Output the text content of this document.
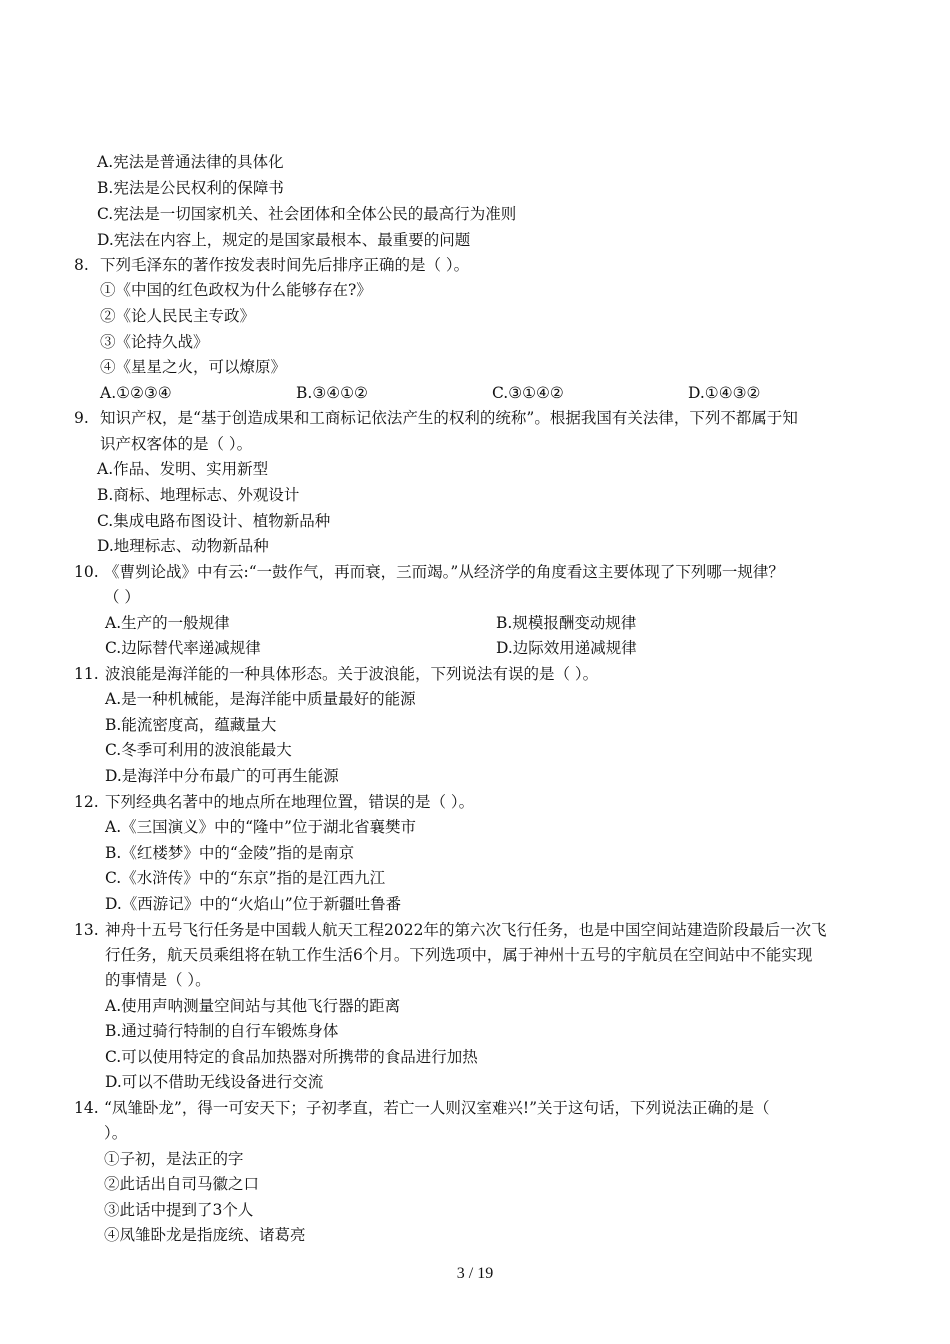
A.宪法是普通法律的具体化
B.宪法是公民权利的保障书
C.宪法是一切国家机关、社会团体和全体公民的最高行为准则
D.宪法在内容上，规定的是国家最根本、最重要的问题
8. 下列毛泽东的著作按发表时间先后排序正确的是（ ）。
①《中国的红色政权为什么能够存在?》
②《论人民民主专政》
③《论持久战》
④《星星之火，可以燎原》
A.①②③④	B.③④①②	C.③①④②	D.①④③②
9. 知识产权，是“基于创造成果和工商标记依法产生的权利的统称”。根据我国有关法律，下列不都属于知
识产权客体的是（ ）。
A.作品、发明、实用新型
B.商标、地理标志、外观设计
C.集成电路布图设计、植物新品种
D.地理标志、动物新品种
10. 《曹刿论战》中有云:“一鼓作气，再而衰，三而竭。”从经济学的角度看这主要体现了下列哪一规律？
（ ）
A.生产的一般规律	B.规模报酬变动规律
C.边际替代率递减规律	D.边际效用递减规律
11. 波浪能是海洋能的一种具体形态。关于波浪能，下列说法有误的是（ ）。
A.是一种机械能，是海洋能中质量最好的能源
B.能流密度高，蕴藏量大
C.冬季可利用的波浪能最大
D.是海洋中分布最广的可再生能源
12. 下列经典名著中的地点所在地理位置，错误的是（ ）。
A.《三国演义》中的“隆中”位于湖北省襄樊市
B.《红楼梦》中的“金陵”指的是南京
C.《水浒传》中的“东京”指的是江西九江
D.《西游记》中的“火焰山”位于新疆吐鲁番
13. 神舟十五号飞行任务是中国载人航天工程2022年的第六次飞行任务，也是中国空间站建造阶段最后一次飞
行任务，航天员乘组将在轨工作生活6个月。下列选项中，属于神州十五号的宇航员在空间站中不能实现
的事情是（ ）。
A.使用声呐测量空间站与其他飞行器的距离
B.通过骑行特制的自行车锻炼身体
C.可以使用特定的食品加热器对所携带的食品进行加热
D.可以不借助无线设备进行交流
14. “凤雏卧龙”，得一可安天下；子初孝直，若亡一人则汉室难兴!”关于这句话，下列说法正确的是（
）。
①子初，是法正的字
②此话出自司马徽之口
③此话中提到了3个人
④凤雏卧龙是指庞统、诸葛亮
3 / 19
